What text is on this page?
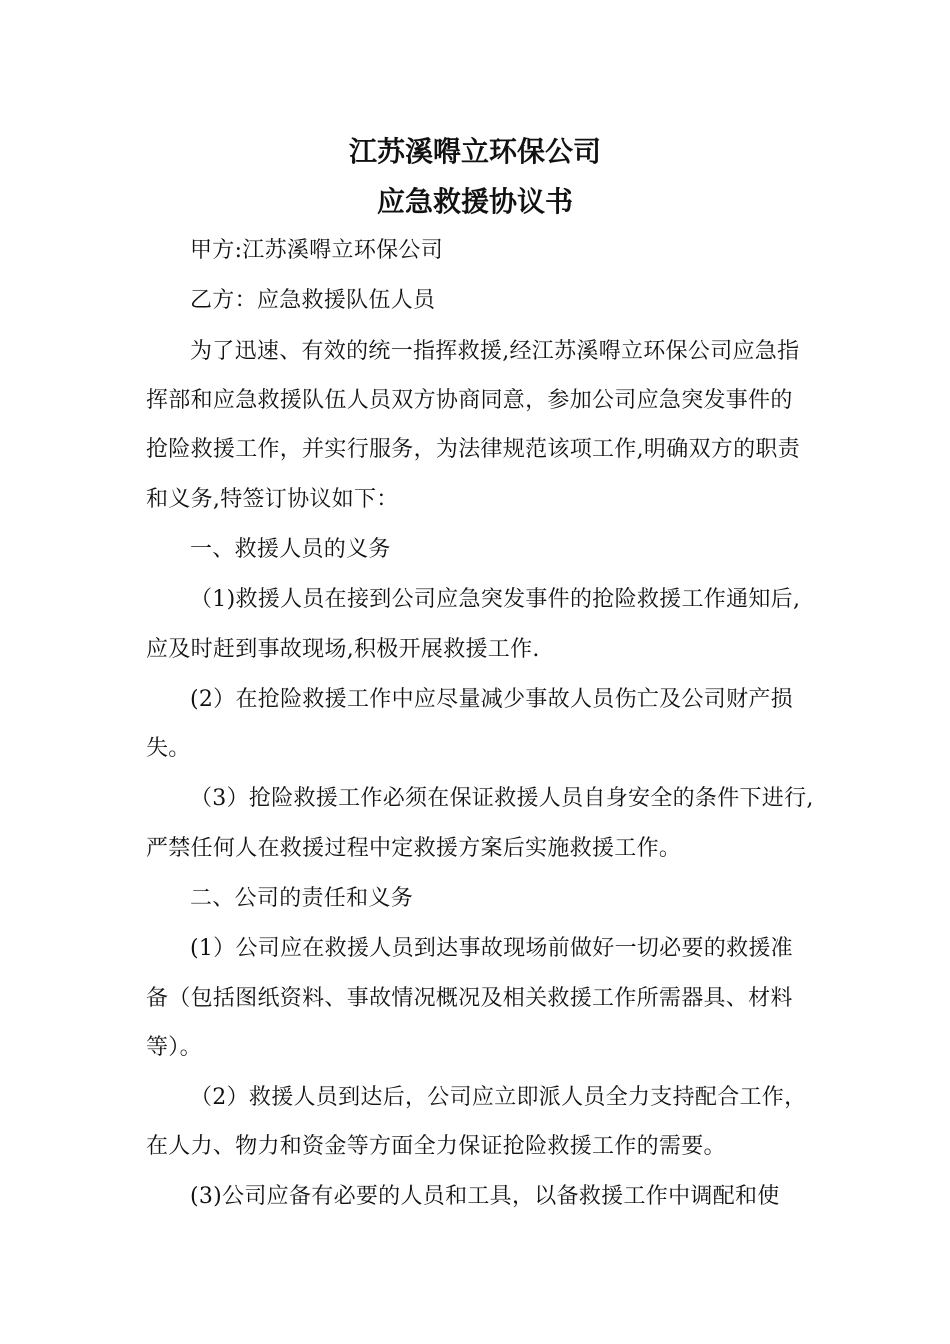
江苏溪嘚立环保公司
应急救援协议书
甲方:江苏溪嘚立环保公司
乙方：应急救援队伍人员
为了迅速、有效的统一指挥救援,经江苏溪嘚立环保公司应急指
挥部和应急救援队伍人员双方协商同意，参加公司应急突发事件的
抢险救援工作，并实行服务，为法律规范该项工作,明确双方的职责
和义务,特签订协议如下：
一、救援人员的义务
（1)救援人员在接到公司应急突发事件的抢险救援工作通知后,
应及时赶到事故现场,积极开展救援工作.
(2）在抢险救援工作中应尽量减少事故人员伤亡及公司财产损
失。
（3）抢险救援工作必须在保证救援人员自身安全的条件下进行,
严禁任何人在救援过程中定救援方案后实施救援工作。
二、公司的责任和义务
(1）公司应在救援人员到达事故现场前做好一切必要的救援准
备（包括图纸资料、事故情况概况及相关救援工作所需器具、材料
等）。
（2）救援人员到达后，公司应立即派人员全力支持配合工作，
在人力、物力和资金等方面全力保证抢险救援工作的需要。
(3)公司应备有必要的人员和工具，以备救援工作中调配和使
